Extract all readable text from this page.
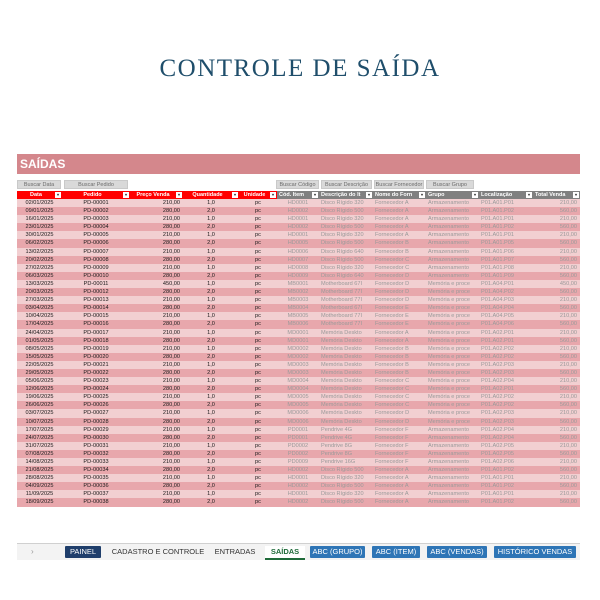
CONTROLE DE SAÍDA
SAÍDAS
Buscar Data	Buscar Pedido	Buscar Código	Buscar Descrição	Buscar Fornecedor	Buscar Grupo
Data	▾	Pedido	▾	Preço Venda	▾	Quantidade	▾	Unidade	▾ Cód. Item	▾ Descrição do It	▾ Nome do Forn	▾ Grupo	▾ Localização	▾ Total Venda	▾
02/01/2025	PD-00001	210,00	1,0	pc	HD0001	Disco Rígido 320	Fornecedor A	Armazenamento	P01.A01.P01	210,00
09/01/2025	PD-00002	280,00	2,0	pc	HD0002	Disco Rígido 500	Fornecedor A	Armazenamento	P01.A01.P02	560,00
16/01/2025	PD-00003	210,00	1,0	pc	HD0001	Disco Rígido 320	Fornecedor A	Armazenamento	P01.A01.P01	210,00
23/01/2025	PD-00004	280,00	2,0	pc	HD0002	Disco Rígido 500	Fornecedor A	Armazenamento	P01.A01.P02	560,00
30/01/2025	PD-00005	210,00	1,0	pc	HD0001	Disco Rígido 320	Fornecedor A	Armazenamento	P01.A01.P01	210,00
06/02/2025	PD-00006	280,00	2,0	pc	HD0005	Disco Rígido 500	Fornecedor B	Armazenamento	P01.A01.P05	560,00
13/02/2025	PD-00007	210,00	1,0	pc	HD0006	Disco Rígido 640	Fornecedor B	Armazenamento	P01.A01.P06	210,00
20/02/2025	PD-00008	280,00	2,0	pc	HD0007	Disco Rígido 500	Fornecedor C	Armazenamento	P01.A01.P07	560,00
27/02/2025	PD-00009	210,00	1,0	pc	HD0008	Disco Rígido 320	Fornecedor C	Armazenamento	P01.A01.P08	210,00
06/03/2025	PD-00010	280,00	2,0	pc	HD0009	Disco Rígido 640	Fornecedor D	Armazenamento	P01.A01.P09	560,00
13/03/2025	PD-00011	450,00	1,0	pc	MB0001	Motherboard 67I	Fornecedor D	Memória e proce	P01.A04.P01	450,00
20/03/2025	PD-00012	280,00	2,0	pc	MB0002	Motherboard 77I	Fornecedor D	Memória e proce	P01.A04.P02	560,00
27/03/2025	PD-00013	210,00	1,0	pc	MB0003	Motherboard 77I	Fornecedor D	Memória e proce	P01.A04.P03	210,00
03/04/2025	PD-00014	280,00	2,0	pc	MB0004	Motherboard 67I	Fornecedor E	Memória e proce	P01.A04.P04	560,00
10/04/2025	PD-00015	210,00	1,0	pc	MB0005	Motherboard 77I	Fornecedor E	Memória e proce	P01.A04.P05	210,00
17/04/2025	PD-00016	280,00	2,0	pc	MB0006	Motherboard 77I	Fornecedor E	Memória e proce	P01.A04.P06	560,00
24/04/2025	PD-00017	210,00	1,0	pc	MD0001	Memória Deskto	Fornecedor A	Memória e proce	P01.A02.P01	210,00
01/05/2025	PD-00018	280,00	2,0	pc	MD0001	Memória Deskto	Fornecedor A	Memória e proce	P01.A02.P01	560,00
08/05/2025	PD-00019	210,00	1,0	pc	MD0002	Memória Deskto	Fornecedor B	Memória e proce	P01.A02.P02	210,00
15/05/2025	PD-00020	280,00	2,0	pc	MD0002	Memória Deskto	Fornecedor B	Memória e proce	P01.A02.P02	560,00
22/05/2025	PD-00021	210,00	1,0	pc	MD0003	Memória Deskto	Fornecedor B	Memória e proce	P01.A02.P03	210,00
29/05/2025	PD-00022	280,00	2,0	pc	MD0003	Memória Deskto	Fornecedor B	Memória e proce	P01.A02.P03	560,00
05/06/2025	PD-00023	210,00	1,0	pc	MD0004	Memória Deskto	Fornecedor C	Memória e proce	P01.A02.P04	210,00
12/06/2025	PD-00024	280,00	2,0	pc	MD0004	Memória Deskto	Fornecedor C	Memória e proce	P01.A02.P01	560,00
19/06/2025	PD-00025	210,00	1,0	pc	MD0005	Memória Deskto	Fornecedor C	Memória e proce	P01.A02.P02	210,00
26/06/2025	PD-00026	280,00	2,0	pc	MD0005	Memória Deskto	Fornecedor C	Memória e proce	P01.A02.P02	560,00
03/07/2025	PD-00027	210,00	1,0	pc	MD0006	Memória Deskto	Fornecedor D	Memória e proce	P01.A02.P03	210,00
10/07/2025	PD-00028	280,00	2,0	pc	MD0006	Memória Deskto	Fornecedor D	Memória e proce	P01.A02.P03	560,00
17/07/2025	PD-00029	210,00	1,0	pc	PD0001	Pendrive 4G	Fornecedor F	Armazenamento	P01.A02.P04	210,00
24/07/2025	PD-00030	280,00	2,0	pc	PD0001	Pendrive 4G	Fornecedor F	Armazenamento	P01.A02.P04	560,00
31/07/2025	PD-00031	210,00	1,0	pc	PD0002	Pendrive 8G	Fornecedor F	Armazenamento	P01.A02.P05	210,00
07/08/2025	PD-00032	280,00	2,0	pc	PD0002	Pendrive 8G	Fornecedor F	Armazenamento	P01.A02.P05	560,00
14/08/2025	PD-00033	210,00	1,0	pc	PD0009	Pendrive 16G	Fornecedor F	Armazenamento	P01.A02.P06	210,00
21/08/2025	PD-00034	280,00	2,0	pc	HD0002	Disco Rígido 500	Fornecedor A	Armazenamento	P01.A01.P02	560,00
28/08/2025	PD-00035	210,00	1,0	pc	HD0001	Disco Rígido 320	Fornecedor A	Armazenamento	P01.A01.P01	210,00
04/09/2025	PD-00036	280,00	2,0	pc	HD0002	Disco Rígido 500	Fornecedor A	Armazenamento	P01.A01.P02	560,00
11/09/2025	PD-00037	210,00	1,0	pc	HD0001	Disco Rígido 320	Fornecedor A	Armazenamento	P01.A01.P01	210,00
18/09/2025	PD-00038	280,00	2,0	pc	HD0002	Disco Rígido 500	Fornecedor A	Armazenamento	P01.A01.P02	560,00
›	PAINEL	CADASTRO E CONTROLE	ENTRADAS	SAÍDAS	ABC (GRUPO)	ABC (ITEM)	ABC (VENDAS)	HISTÓRICO VENDAS
